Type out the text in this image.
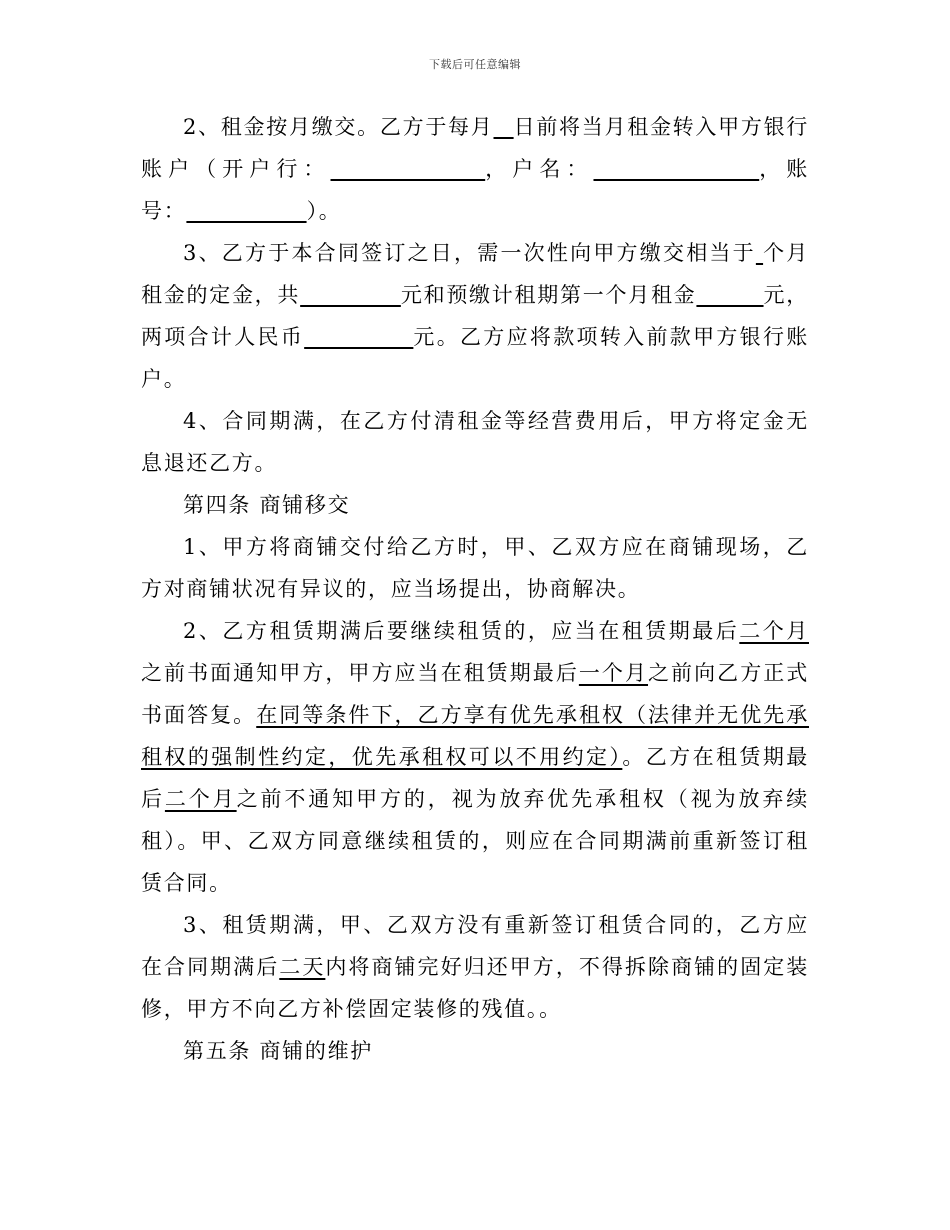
下载后可任意编辑

2、租金按月缴交。乙方于每月 日前将当月租金转入甲方银行账户（开户行：	，户名：	，账号：	）。

3、乙方于本合同签订之日，需一次性向甲方缴交相当于 个月租金的定金，共	元和预缴计租期第一个月租金	元，两项合计人民币	元。乙方应将款项转入前款甲方银行账户。

4、合同期满，在乙方付清租金等经营费用后，甲方将定金无息退还乙方。

第四条 商铺移交

1、甲方将商铺交付给乙方时，甲、乙双方应在商铺现场，乙方对商铺状况有异议的，应当场提出，协商解决。

2、乙方租赁期满后要继续租赁的，应当在租赁期最后二个月之前书面通知甲方，甲方应当在租赁期最后一个月之前向乙方正式书面答复。在同等条件下，乙方享有优先承租权（法律并无优先承租权的强制性约定，优先承租权可以不用约定）。乙方在租赁期最后二个月之前不通知甲方的，视为放弃优先承租权（视为放弃续租）。甲、乙双方同意继续租赁的，则应在合同期满前重新签订租赁合同。

3、租赁期满，甲、乙双方没有重新签订租赁合同的，乙方应在合同期满后二天内将商铺完好归还甲方，不得拆除商铺的固定装修，甲方不向乙方补偿固定装修的残值。。

第五条 商铺的维护
